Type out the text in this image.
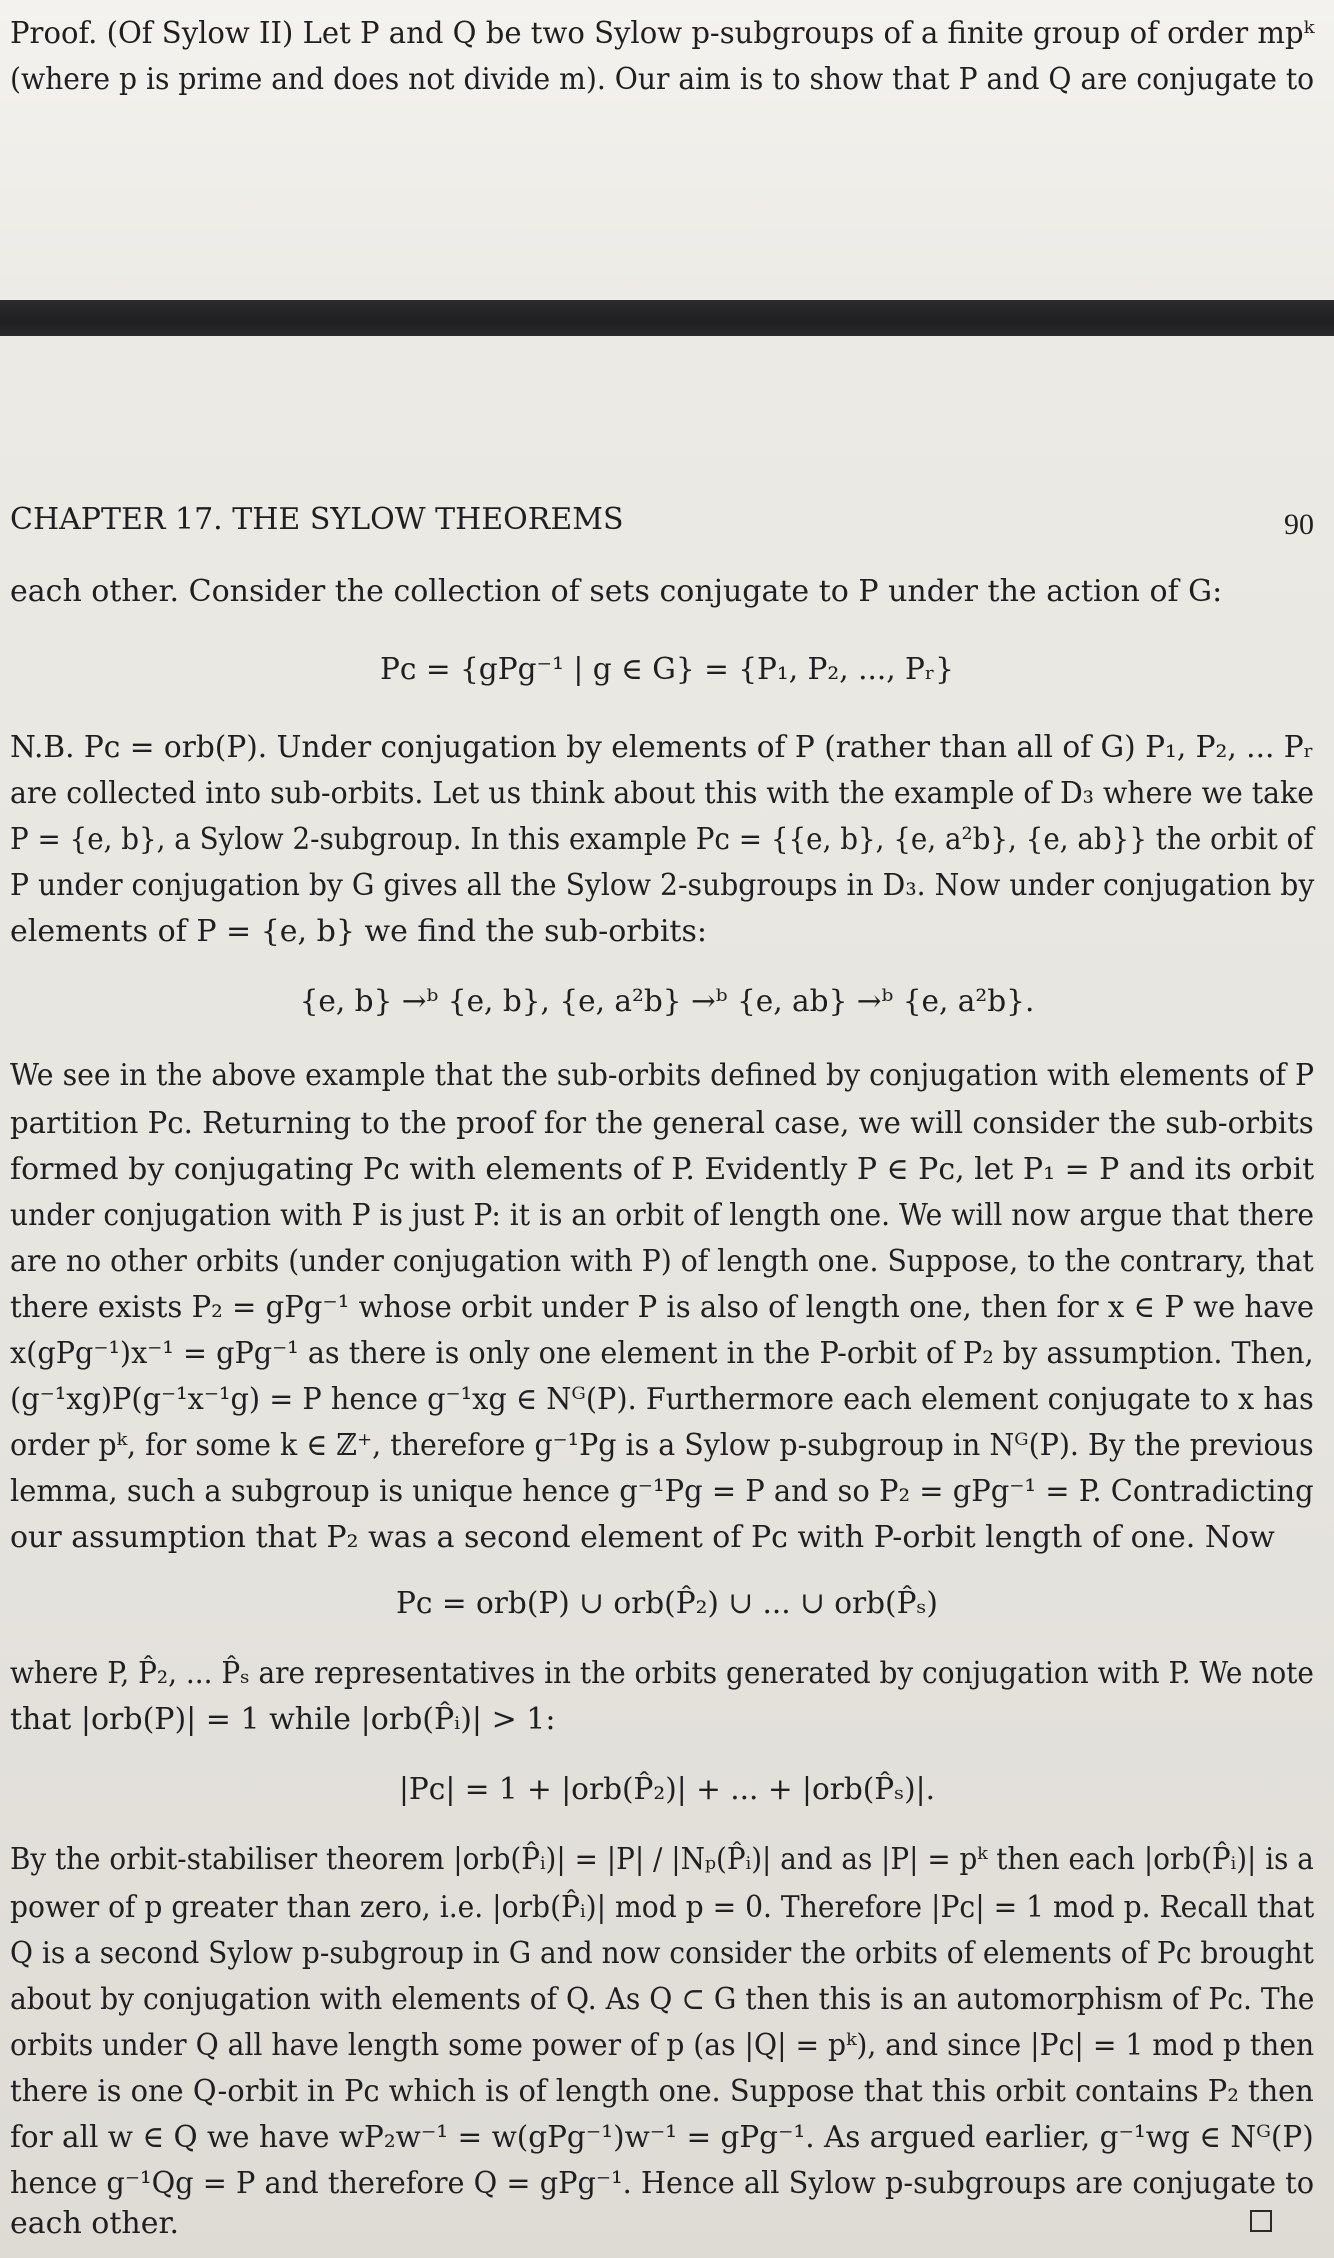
Proof. (Of Sylow II) Let P and Q be two Sylow p-subgroups of a finite group of order mpᵏ
(where p is prime and does not divide m). Our aim is to show that P and Q are conjugate to
CHAPTER 17. THE SYLOW THEOREMS	90
each other. Consider the collection of sets conjugate to P under the action of G:
Pᴄ = {gPg⁻¹ | g ∈ G} = {P₁, P₂, ..., Pᵣ}
N.B. Pᴄ = orb(P). Under conjugation by elements of P (rather than all of G) P₁, P₂, ... Pᵣ
are collected into sub-orbits. Let us think about this with the example of D₃ where we take
P = {e, b}, a Sylow 2-subgroup. In this example Pᴄ = {{e, b}, {e, a²b}, {e, ab}} the orbit of
P under conjugation by G gives all the Sylow 2-subgroups in D₃. Now under conjugation by
elements of P = {e, b} we find the sub-orbits:
{e, b} →ᵇ {e, b}, {e, a²b} →ᵇ {e, ab} →ᵇ {e, a²b}.
We see in the above example that the sub-orbits defined by conjugation with elements of P
partition Pᴄ. Returning to the proof for the general case, we will consider the sub-orbits
formed by conjugating Pᴄ with elements of P. Evidently P ∈ Pᴄ, let P₁ = P and its orbit
under conjugation with P is just P: it is an orbit of length one. We will now argue that there
are no other orbits (under conjugation with P) of length one. Suppose, to the contrary, that
there exists P₂ = gPg⁻¹ whose orbit under P is also of length one, then for x ∈ P we have
x(gPg⁻¹)x⁻¹ = gPg⁻¹ as there is only one element in the P-orbit of P₂ by assumption. Then,
(g⁻¹xg)P(g⁻¹x⁻¹g) = P hence g⁻¹xg ∈ Nᴳ(P). Furthermore each element conjugate to x has
order pᵏ, for some k ∈ ℤ⁺, therefore g⁻¹Pg is a Sylow p-subgroup in Nᴳ(P). By the previous
lemma, such a subgroup is unique hence g⁻¹Pg = P and so P₂ = gPg⁻¹ = P. Contradicting
our assumption that P₂ was a second element of Pᴄ with P-orbit length of one. Now
Pᴄ = orb(P) ∪ orb(P̂₂) ∪ ... ∪ orb(P̂ₛ)
where P, P̂₂, ... P̂ₛ are representatives in the orbits generated by conjugation with P. We note
that |orb(P)| = 1 while |orb(P̂ᵢ)| > 1:
|Pᴄ| = 1 + |orb(P̂₂)| + ... + |orb(P̂ₛ)|.
By the orbit-stabiliser theorem |orb(P̂ᵢ)| = |P| / |Nₚ(P̂ᵢ)| and as |P| = pᵏ then each |orb(P̂ᵢ)| is a
power of p greater than zero, i.e. |orb(P̂ᵢ)| mod p = 0. Therefore |Pᴄ| = 1 mod p. Recall that
Q is a second Sylow p-subgroup in G and now consider the orbits of elements of Pᴄ brought
about by conjugation with elements of Q. As Q ⊂ G then this is an automorphism of Pᴄ. The
orbits under Q all have length some power of p (as |Q| = pᵏ), and since |Pᴄ| = 1 mod p then
there is one Q-orbit in Pᴄ which is of length one. Suppose that this orbit contains P₂ then
for all w ∈ Q we have wP₂w⁻¹ = w(gPg⁻¹)w⁻¹ = gPg⁻¹. As argued earlier, g⁻¹wg ∈ Nᴳ(P)
hence g⁻¹Qg = P and therefore Q = gPg⁻¹. Hence all Sylow p-subgroups are conjugate to
each other.
